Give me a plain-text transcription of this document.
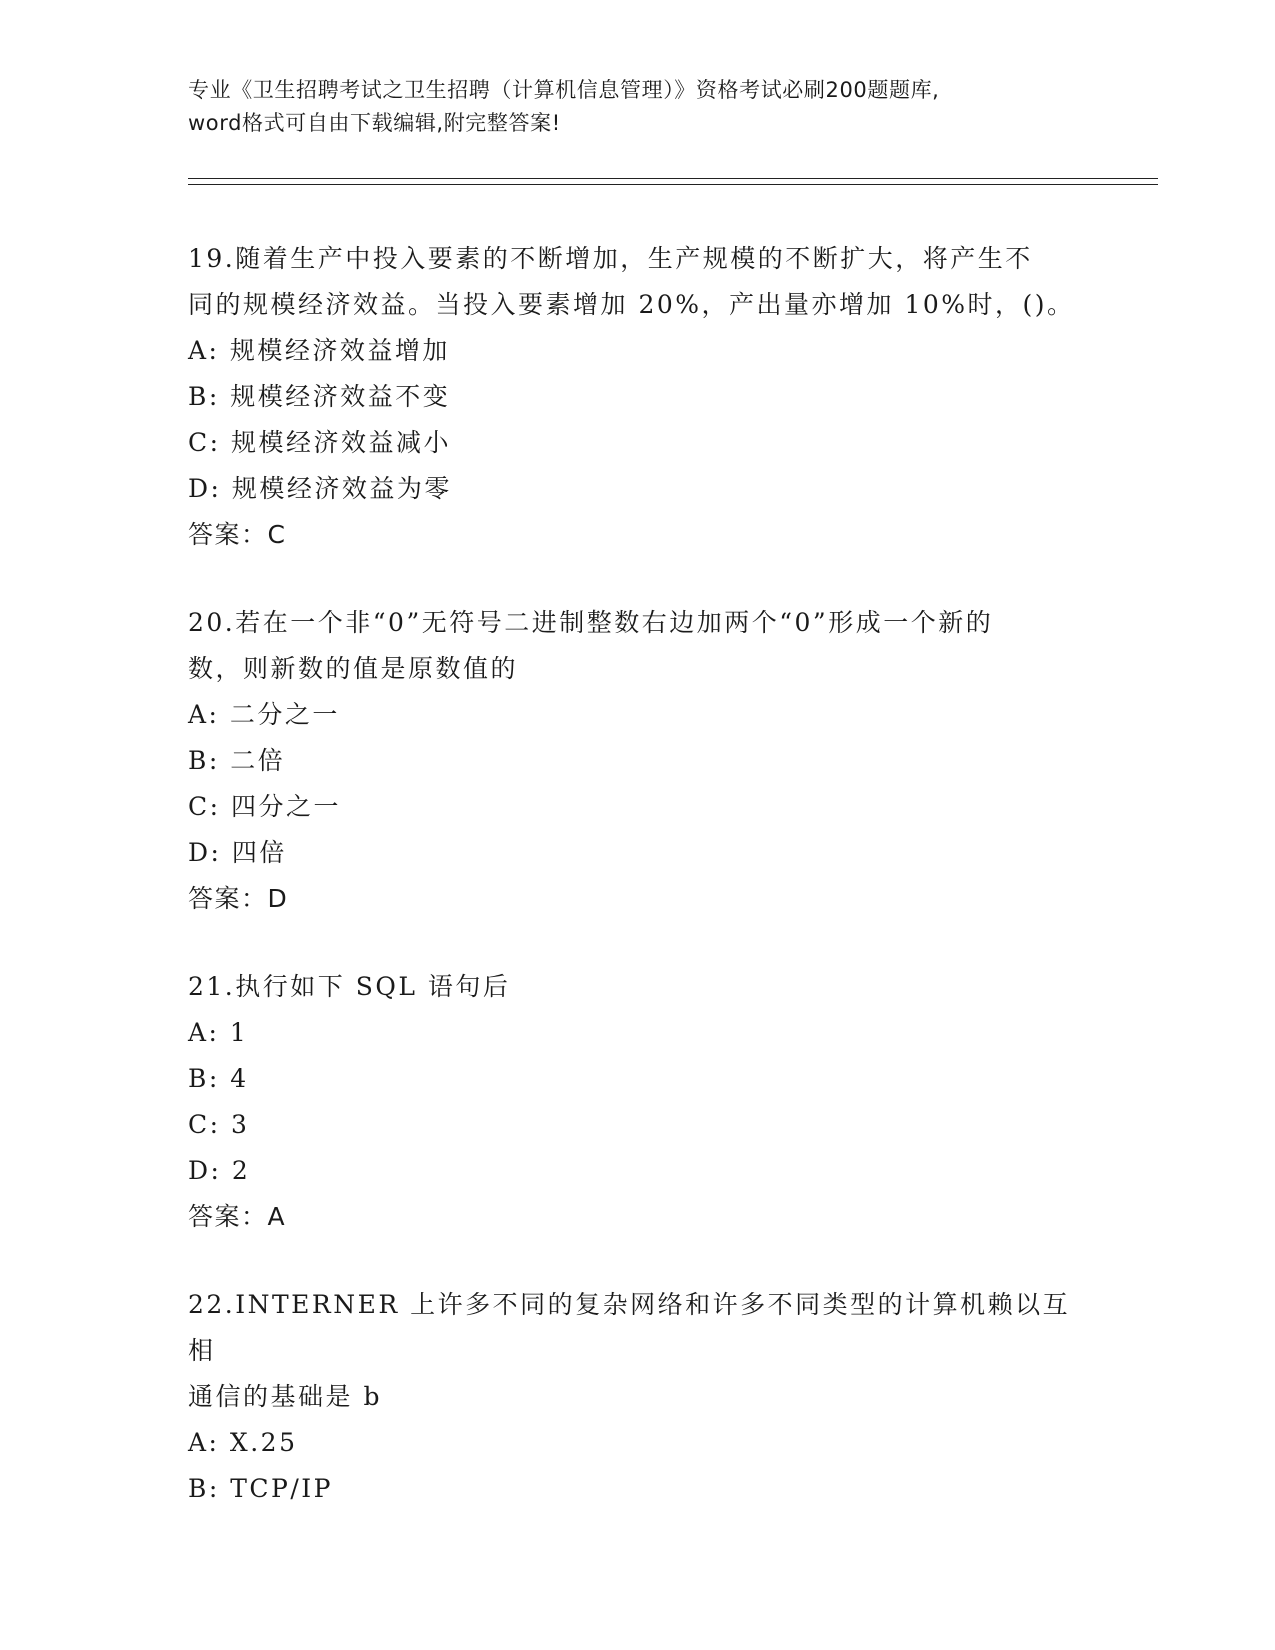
专业《卫生招聘考试之卫生招聘（计算机信息管理）》资格考试必刷200题题库,
word格式可自由下载编辑,附完整答案!
19.随着生产中投入要素的不断增加，生产规模的不断扩大，将产生不
同的规模经济效益。当投入要素增加 20%，产出量亦增加 10%时，()。
A: 规模经济效益增加
B: 规模经济效益不变
C: 规模经济效益减小
D: 规模经济效益为零
答案：C
20.若在一个非“0”无符号二进制整数右边加两个“0”形成一个新的
数，则新数的值是原数值的
A: 二分之一
B: 二倍
C: 四分之一
D: 四倍
答案：D
21.执行如下 SQL 语句后
A: 1
B: 4
C: 3
D: 2
答案：A
22.INTERNER 上许多不同的复杂网络和许多不同类型的计算机赖以互相
通信的基础是 b
A: X.25
B: TCP/IP
